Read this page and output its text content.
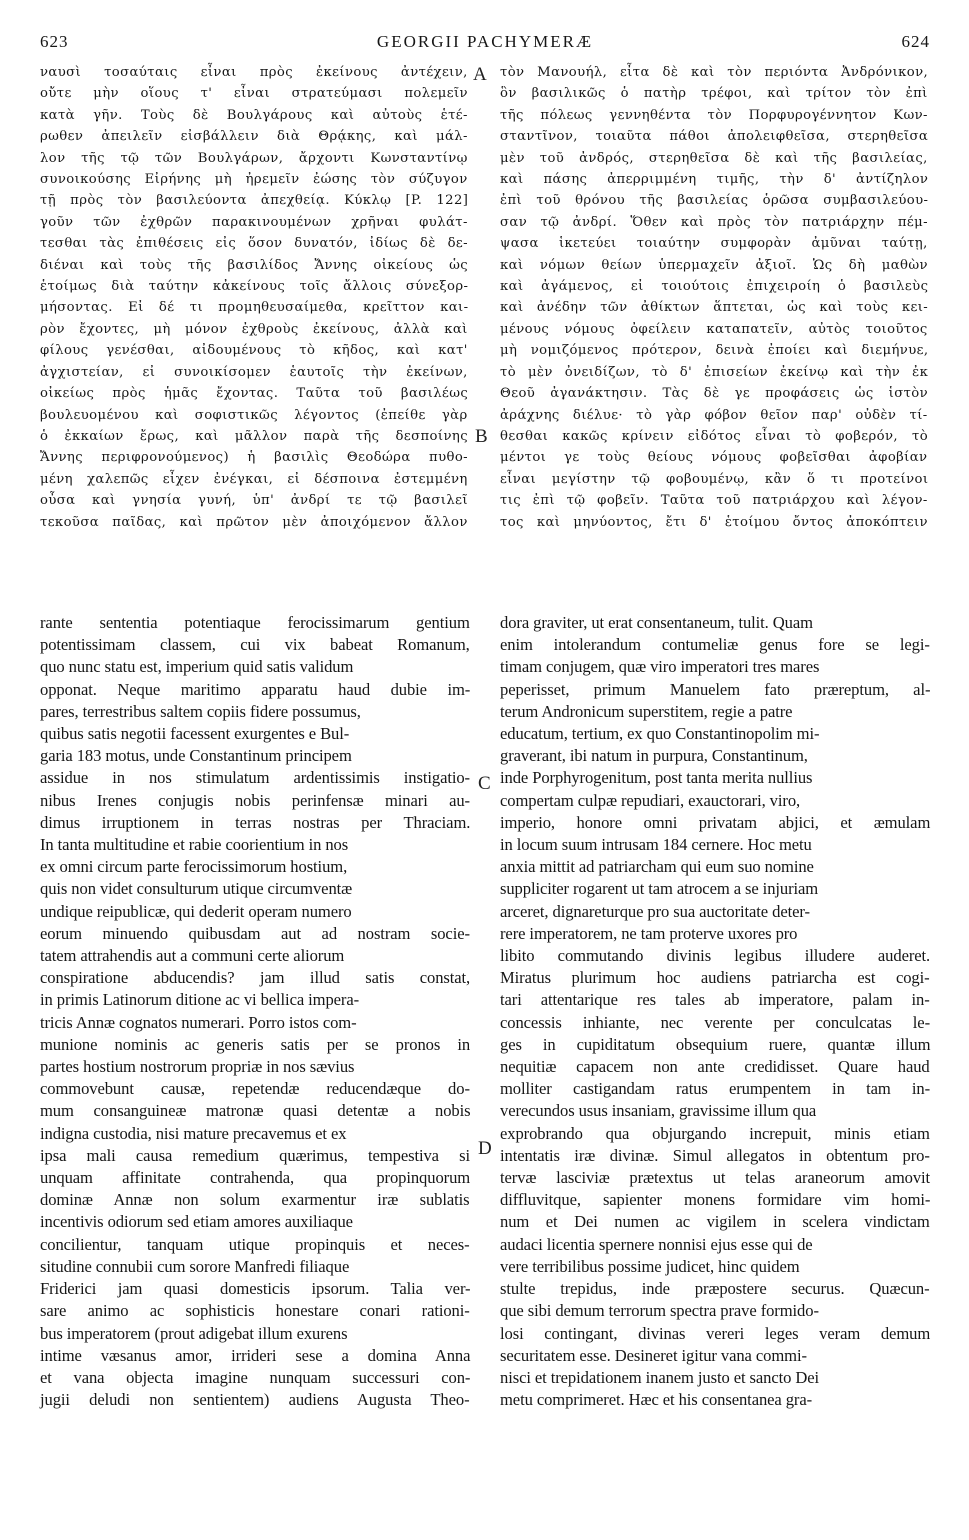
623	GEORGII PACHYMERÆ	624
ναυσὶ τοσαύταις εἶναι πρὸς ἐκείνους ἀντέχειν,
οὔτε μὴν οἵους τ' εἶναι στρατεύμασι πολεμεῖν
κατὰ γῆν. Τοὺς δὲ Βουλγάρους καὶ αὐτοὺς ἑτέ-
ρωθεν ἀπειλεῖν εἰσβάλλειν διὰ Θρᾴκης, καὶ μάλ-
λον τῆς τῷ τῶν Βουλγάρων, ἄρχοντι Κωνσταντίνῳ
συνοικούσης Εἰρήνης μὴ ἠρεμεῖν ἐώσης τὸν σύζυγον
τῇ πρὸς τὸν βασιλεύοντα ἀπεχθείᾳ. Κύκλῳ [P. 122]
γοῦν τῶν ἐχθρῶν παρακινουμένων χρῆναι φυλάτ-
τεσθαι τὰς ἐπιθέσεις εἰς ὅσον δυνατόν, ἰδίως δὲ δε-
διέναι καὶ τοὺς τῆς βασιλίδος Ἄννης οἰκείους ὡς
ἑτοίμως διὰ ταύτην κἀκείνους τοῖς ἄλλοις σύνεξορ-
μήσοντας. Εἰ δέ τι προμηθευσαίμεθα, κρεῖττον και-
ρὸν ἔχοντες, μὴ μόνον ἐχθροὺς ἐκείνους, ἀλλὰ καὶ
φίλους γενέσθαι, αἰδουμένους τὸ κῆδος, καὶ κατ'
ἀγχιστείαν, εἰ συνοικίσομεν ἑαυτοῖς τὴν ἐκείνων,
οἰκείως πρὸς ἡμᾶς ἔχοντας. Ταῦτα τοῦ βασιλέως
βουλευομένου καὶ σοφιστικῶς λέγοντος (ἐπείθε γὰρ
ὁ ἐκκαίων ἔρως, καὶ μᾶλλον παρὰ τῆς δεσποίνης
Ἄννης περιφρονούμενος) ἡ βασιλὶς Θεοδώρα πυθο-
μένη χαλεπῶς εἶχεν ἐνέγκαι, εἰ δέσποινα ἐστεμμένη
οὖσα καὶ γνησία γυνή, ὑπ' ἀνδρί τε τῷ βασιλεῖ
τεκοῦσα παῖδας, καὶ πρῶτον μὲν ἀποιχόμενον ἄλλον
τὸν Μανουήλ, εἶτα δὲ καὶ τὸν περιόντα Ἀνδρόνικον,
ὃν βασιλικῶς ὁ πατὴρ τρέφοι, καὶ τρίτον τὸν ἐπὶ
τῆς πόλεως γεννηθέντα τὸν Πορφυρογέννητον Κων-
σταντῖνον, τοιαῦτα πάθοι ἀπολειφθεῖσα, στερηθεῖσα
μὲν τοῦ ἀνδρός, στερηθεῖσα δὲ καὶ τῆς βασιλείας,
καὶ πάσης ἀπερριμμένη τιμῆς, τὴν δ' ἀντίζηλον
ἐπὶ τοῦ θρόνου τῆς βασιλείας ὁρῶσα συμβασιλεύου-
σαν τῷ ἀνδρί. Ὅθεν καὶ πρὸς τὸν πατριάρχην πέμ-
ψασα ἱκετεύει τοιαύτην συμφορὰν ἀμῦναι ταύτῃ,
καὶ νόμων θείων ὑπερμαχεῖν ἀξιοῖ. Ὡς δὴ μαθὼν
καὶ ἀγάμενος, εἰ τοιούτοις ἐπιχειροίη ὁ βασιλεὺς
καὶ ἀνέδην τῶν ἀθίκτων ἅπτεται, ὡς καὶ τοὺς κει-
μένους νόμους ὀφείλειν καταπατεῖν, αὐτὸς τοιοῦτος
μὴ νομιζόμενος πρότερον, δεινὰ ἐποίει καὶ διεμήνυε,
τὸ μὲν ὀνειδίζων, τὸ δ' ἐπισείων ἐκείνῳ καὶ τὴν ἐκ
Θεοῦ ἀγανάκτησιν. Τὰς δὲ γε προφάσεις ὡς ἱστὸν
ἀράχνης διέλυε· τὸ γὰρ φόβον θεῖον παρ' οὐδὲν τί-
θεσθαι κακῶς κρίνειν εἰδότος εἶναι τὸ φοβερόν, τὸ
μέντοι γε τοὺς θείους νόμους φοβεῖσθαι ἀφοβίαν
εἶναι μεγίστην τῷ φοβουμένῳ, κἂν ὅ τι προτείνοι
τις ἐπὶ τῷ φοβεῖν. Ταῦτα τοῦ πατριάρχου καὶ λέγον-
τος καὶ μηνύοντος, ἔτι δ' ἑτοίμου ὄντος ἀποκόπτειν
A
B
C
D
rante sententia potentiaque ferocissimarum gentium
potentissimam classem, cui vix babeat Romanum,
quo nunc statu est, imperium quid satis validum
opponat. Neque maritimo apparatu haud dubie im-
pares, terrestribus saltem copiis fidere possumus,
quibus satis negotii facessent exurgentes e Bul-
garia 183 motus, unde Constantinum principem
assidue in nos stimulatum ardentissimis instigatio-
nibus Irenes conjugis nobis perinfensæ minari au-
dimus irruptionem in terras nostras per Thraciam.
In tanta multitudine et rabie coorientium in nos
ex omni circum parte ferocissimorum hostium,
quis non videt consulturum utique circumventæ
undique reipublicæ, qui dederit operam numero
eorum minuendo quibusdam aut ad nostram socie-
tatem attrahendis aut a communi certe aliorum
conspiratione abducendis? jam illud satis constat,
in primis Latinorum ditione ac vi bellica impera-
tricis Annæ cognatos numerari. Porro istos com-
munione nominis ac generis satis per se pronos in
partes hostium nostrorum propriæ in nos sævius
commovebunt causæ, repetendæ reducendæque do-
mum consanguineæ matronæ quasi detentæ a nobis
indigna custodia, nisi mature precavemus et ex
ipsa mali causa remedium quærimus, tempestiva si
unquam affinitate contrahenda, qua propinquorum
dominæ Annæ non solum exarmentur iræ sublatis
incentivis odiorum sed etiam amores auxiliaque
concilientur, tanquam utique propinquis et neces-
situdine connubii cum sorore Manfredi filiaque
Friderici jam quasi domesticis ipsorum. Talia ver-
sare animo ac sophisticis honestare conari rationi-
bus imperatorem (prout adigebat illum exurens
intime væsanus amor, irrideri sese a domina Anna
et vana objecta imagine nunquam successuri con-
jugii deludi non sentientem) audiens Augusta Theo-
dora graviter, ut erat consentaneum, tulit. Quam
enim intolerandum contumeliæ genus fore se legi-
timam conjugem, quæ viro imperatori tres mares
peperisset, primum Manuelem fato præreptum, al-
terum Andronicum superstitem, regie a patre
educatum, tertium, ex quo Constantinopolim mi-
graverant, ibi natum in purpura, Constantinum,
inde Porphyrogenitum, post tanta merita nullius
compertam culpæ repudiari, exauctorari, viro,
imperio, honore omni privatam abjici, et æmulam
in locum suum intrusam 184 cernere. Hoc metu
anxia mittit ad patriarcham qui eum suo nomine
suppliciter rogarent ut tam atrocem a se injuriam
arceret, dignareturque pro sua auctoritate deter-
rere imperatorem, ne tam proterve uxores pro
libito commutando divinis legibus illudere auderet.
Miratus plurimum hoc audiens patriarcha est cogi-
tari attentarique res tales ab imperatore, palam in-
concessis inhiante, nec verente per conculcatas le-
ges in cupiditatum obsequium ruere, quantæ illum
nequitiæ capacem non ante credidisset. Quare haud
molliter castigandam ratus erumpentem in tam in-
verecundos usus insaniam, gravissime illum qua
exprobrando qua objurgando increpuit, minis etiam
intentatis iræ divinæ. Simul allegatos in obtentum pro-
tervæ lasciviæ prætextus ut telas araneorum amovit
diffluvitque, sapienter monens formidare vim homi-
num et Dei numen ac vigilem in scelera vindictam
audaci licentia spernere nonnisi ejus esse qui de
vere terribilibus possime judicet, hinc quidem
stulte trepidus, inde præpostere securus. Quæcun-
que sibi demum terrorum spectra prave formido-
losi contingant, divinas vereri leges veram demum
securitatem esse. Desineret igitur vana commi-
nisci et trepidationem inanem justo et sancto Dei
metu comprimeret. Hæc et his consentanea gra-
